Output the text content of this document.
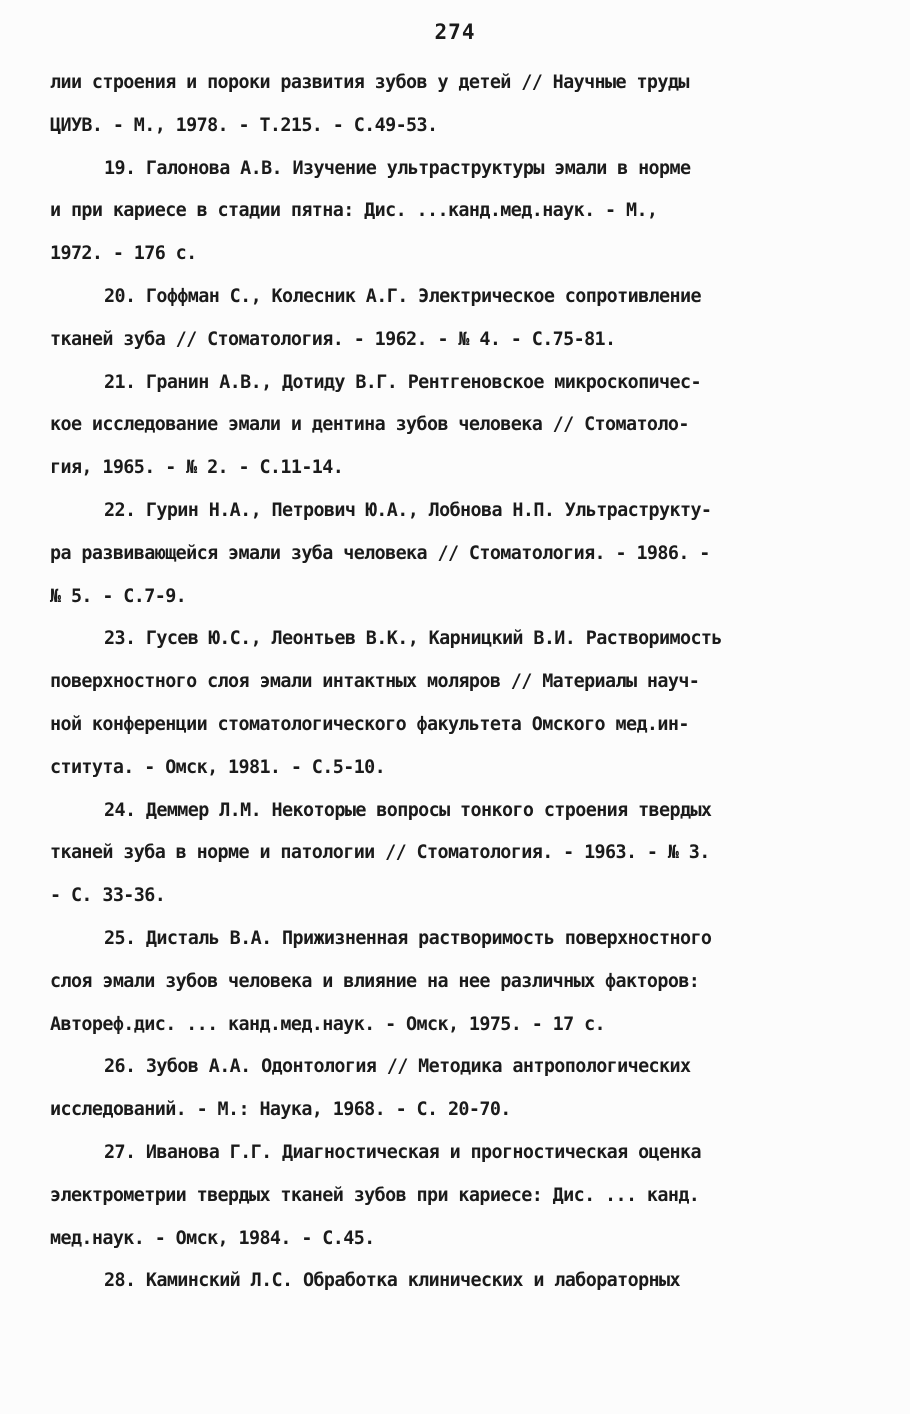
274
лии строения и пороки развития зубов у детей // Научные труды
ЦИУВ. - М., 1978. - Т.215. - С.49-53.
19. Галонова А.В. Изучение ультраструктуры эмали в норме
и при кариесе в стадии пятна: Дис. ...канд.мед.наук. - М.,
1972. - 176 с.
20. Гоффман С., Колесник А.Г. Электрическое сопротивление
тканей зуба // Стоматология. - 1962. - № 4. - С.75-81.
21. Гранин А.В., Дотиду В.Г. Рентгеновское микроскопичес-
кое исследование эмали и дентина зубов человека // Стоматоло-
гия, 1965. - № 2. - С.11-14.
22. Гурин Н.А., Петрович Ю.А., Лобнова Н.П. Ультраструкту-
ра развивающейся эмали зуба человека // Стоматология. - 1986. -
№ 5. - С.7-9.
23. Гусев Ю.С., Леонтьев В.К., Карницкий В.И. Растворимость
поверхностного слоя эмали интактных моляров // Материалы науч-
ной конференции стоматологического факультета Омского мед.ин-
ститута. - Омск, 1981. - С.5-10.
24. Деммер Л.М. Некоторые вопросы тонкого строения твердых
тканей зуба в норме и патологии // Стоматология. - 1963. - № 3.
- С. 33-36.
25. Дисталь В.А. Прижизненная растворимость поверхностного
слоя эмали зубов человека и влияние на нее различных факторов:
Автореф.дис. ... канд.мед.наук. - Омск, 1975. - 17 с.
26. Зубов А.А. Одонтология // Методика антропологических
исследований. - М.: Наука, 1968. - С. 20-70.
27. Иванова Г.Г. Диагностическая и прогностическая оценка
электрометрии твердых тканей зубов при кариесе: Дис. ... канд.
мед.наук. - Омск, 1984. - С.45.
28. Каминский Л.С. Обработка клинических и лабораторных
